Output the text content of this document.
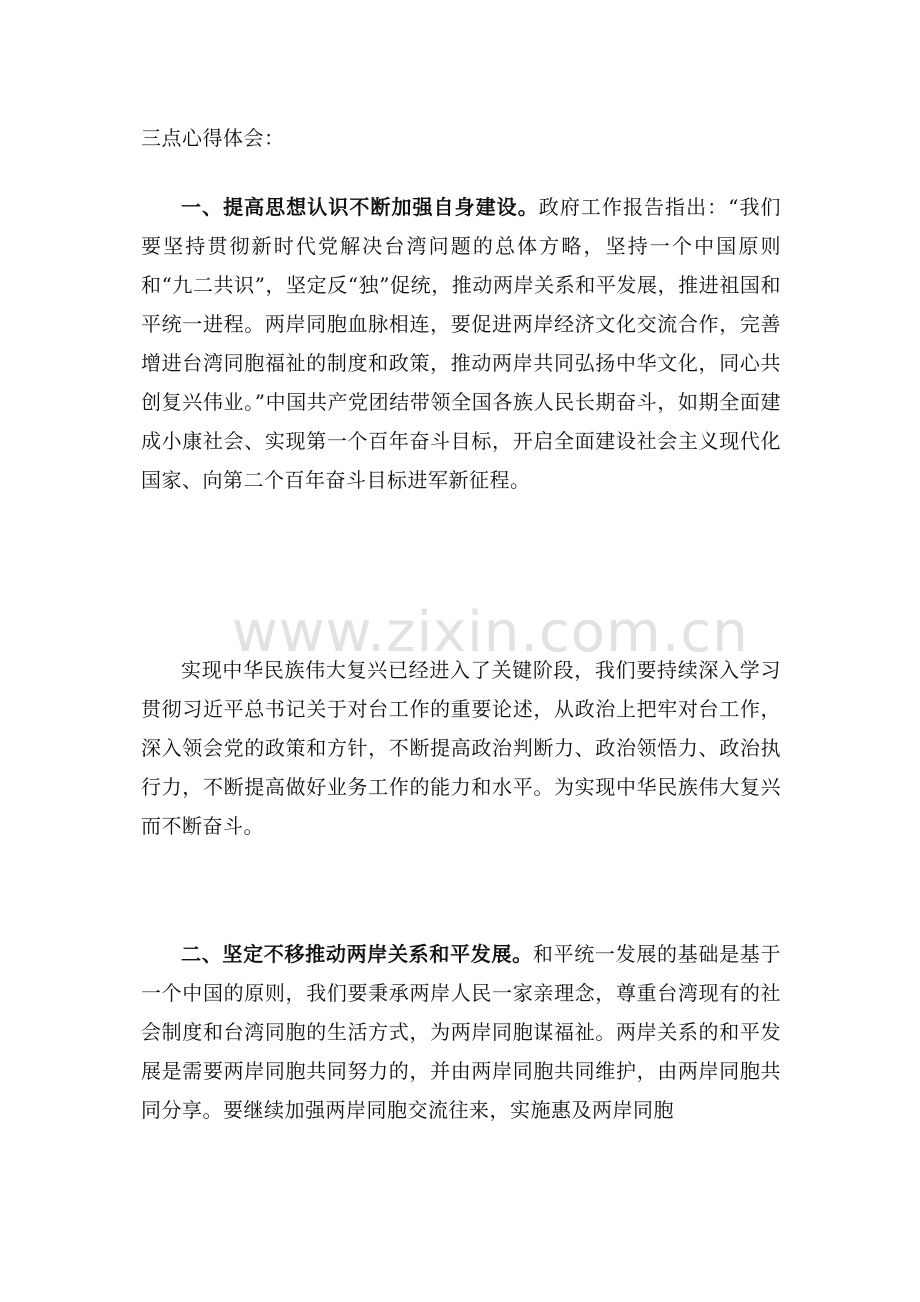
www.zixin.com.cn

三点心得体会：

一、提高思想认识不断加强自身建设。政府工作报告指出：“我们要坚持贯彻新时代党解决台湾问题的总体方略，坚持一个中国原则和“九二共识”，坚定反“独”促统，推动两岸关系和平发展，推进祖国和平统一进程。两岸同胞血脉相连，要促进两岸经济文化交流合作，完善增进台湾同胞福祉的制度和政策，推动两岸共同弘扬中华文化，同心共创复兴伟业。”中国共产党团结带领全国各族人民长期奋斗，如期全面建成小康社会、实现第一个百年奋斗目标，开启全面建设社会主义现代化国家、向第二个百年奋斗目标进军新征程。

实现中华民族伟大复兴已经进入了关键阶段，我们要持续深入学习贯彻习近平总书记关于对台工作的重要论述，从政治上把牢对台工作，深入领会党的政策和方针，不断提高政治判断力、政治领悟力、政治执行力，不断提高做好业务工作的能力和水平。为实现中华民族伟大复兴而不断奋斗。

二、坚定不移推动两岸关系和平发展。和平统一发展的基础是基于一个中国的原则，我们要秉承两岸人民一家亲理念，尊重台湾现有的社会制度和台湾同胞的生活方式，为两岸同胞谋福祉。两岸关系的和平发展是需要两岸同胞共同努力的，并由两岸同胞共同维护，由两岸同胞共同分享。要继续加强两岸同胞交流往来，实施惠及两岸同胞
